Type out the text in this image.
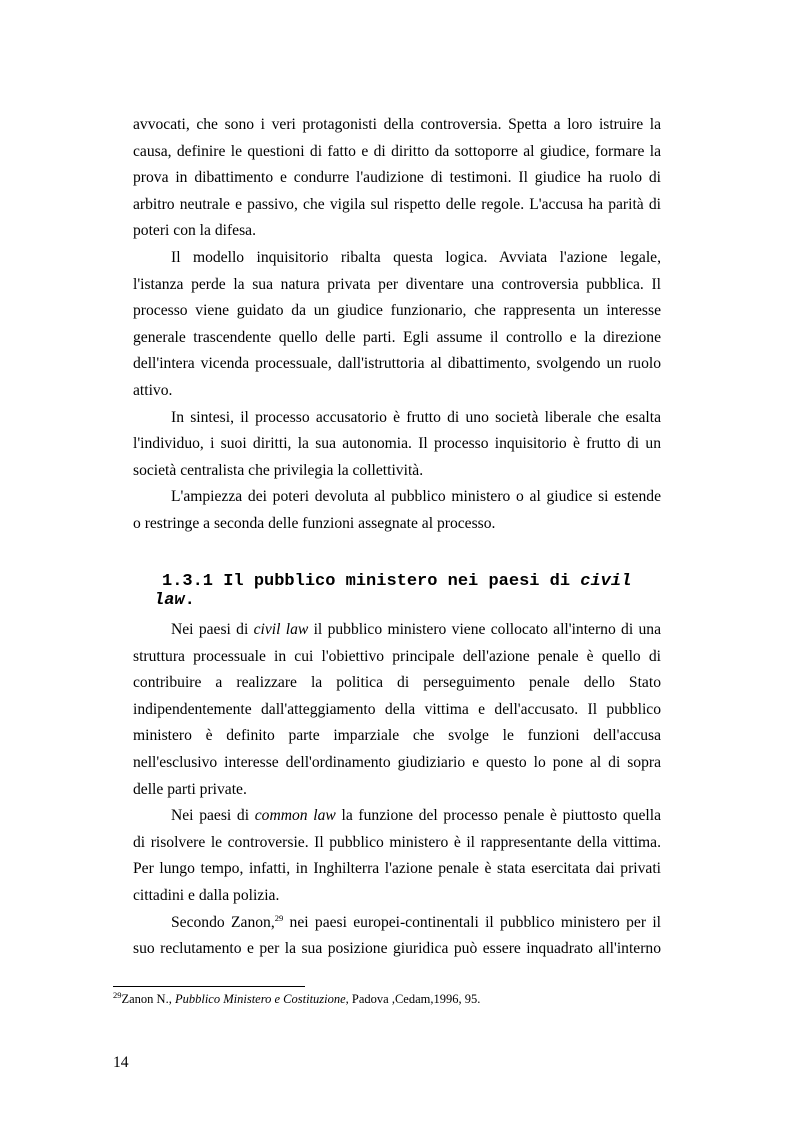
avvocati, che sono i veri protagonisti della controversia. Spetta a loro istruire la
causa, definire le questioni di fatto e di diritto da sottoporre al giudice, formare la
prova in dibattimento e condurre l'audizione di testimoni. Il giudice ha ruolo di
arbitro neutrale e passivo, che vigila sul rispetto delle regole. L'accusa ha parità di
poteri con la difesa.

Il modello inquisitorio ribalta questa logica. Avviata l'azione legale,
l'istanza perde la sua natura privata per diventare una controversia pubblica. Il
processo viene guidato da un giudice funzionario, che rappresenta un interesse
generale trascendente quello delle parti. Egli assume il controllo e la direzione
dell'intera vicenda processuale, dall'istruttoria al dibattimento, svolgendo un ruolo
attivo.

In sintesi, il processo accusatorio è frutto di uno società liberale che esalta
l'individuo, i suoi diritti, la sua autonomia. Il processo inquisitorio è frutto di un
società centralista che privilegia la collettività.

L'ampiezza dei poteri devoluta al pubblico ministero o al giudice si estende
o restringe a seconda delle funzioni assegnate al processo.

1.3.1 Il pubblico ministero nei paesi di civil
law.

Nei paesi di civil law il pubblico ministero viene collocato all'interno di una
struttura processuale in cui l'obiettivo principale dell'azione penale è quello di
contribuire a realizzare la politica di perseguimento penale dello Stato
indipendentemente dall'atteggiamento della vittima e dell'accusato. Il pubblico
ministero è definito parte imparziale che svolge le funzioni dell'accusa
nell'esclusivo interesse dell'ordinamento giudiziario e questo lo pone al di sopra
delle parti private.

Nei paesi di common law la funzione del processo penale è piuttosto quella
di risolvere le controversie. Il pubblico ministero è il rappresentante della vittima.
Per lungo tempo, infatti, in Inghilterra l'azione penale è stata esercitata dai privati
cittadini e dalla polizia.

Secondo Zanon,$^{29}$ nei paesi europei-continentali il pubblico ministero per il
suo reclutamento e per la sua posizione giuridica può essere inquadrato all'interno

$^{29}$Zanon N., Pubblico Ministero e Costituzione, Padova ,Cedam,1996, 95.
14
